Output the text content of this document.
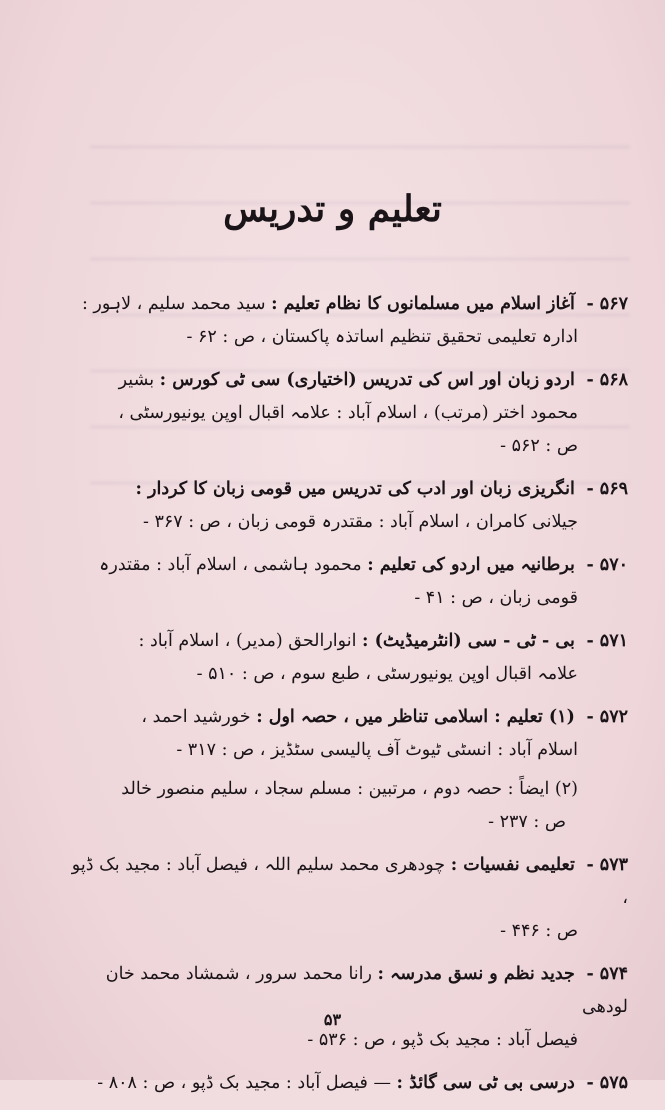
تعلیم و تدریس
۵۶۷ - آغاز اسلام میں مسلمانوں کا نظام تعلیم : سید محمد سلیم ، لاہور :
ادارہ تعلیمی تحقیق تنظیم اساتذہ پاکستان ، ص : ۶۲ -
۵۶۸ - اردو زبان اور اس کی تدریس (اختیاری) سی ٹی کورس : بشیر
محمود اختر (مرتب) ، اسلام آباد : علامہ اقبال اوپن یونیورسٹی ،
ص : ۵۶۲ -
۵۶۹ - انگریزی زبان اور ادب کی تدریس میں قومی زبان کا کردار :
جیلانی کامران ، اسلام آباد : مقتدرہ قومی زبان ، ص : ۳۶۷ -
۵۷۰ - برطانیہ میں اردو کی تعلیم : محمود ہاشمی ، اسلام آباد : مقتدرہ
قومی زبان ، ص : ۴۱ -
۵۷۱ - بی - ٹی - سی (انٹرمیڈیٹ) : انوارالحق (مدیر) ، اسلام آباد :
علامہ اقبال اوپن یونیورسٹی ، طبع سوم ، ص : ۵۱۰ -
۵۷۲ - (۱) تعلیم : اسلامی تناظر میں ، حصہ اول : خورشید احمد ،
اسلام آباد : انسٹی ٹیوٹ آف پالیسی سٹڈیز ، ص : ۳۱۷ -
(۲) ایضاً : حصہ دوم ، مرتبین : مسلم سجاد ، سلیم منصور خالد
ص : ۲۳۷ -
۵۷۳ - تعلیمی نفسیات : چودھری محمد سلیم اللہ ، فیصل آباد : مجید بک ڈپو ،
ص : ۴۴۶ -
۵۷۴ - جدید نظم و نسق مدرسہ : رانا محمد سرور ، شمشاد محمد خان لودھی
فیصل آباد : مجید بک ڈپو ، ص : ۵۳۶ -
۵۷۵ - درسی بی ٹی سی گائڈ : — فیصل آباد : مجید بک ڈپو ، ص : ۸۰۸ -
۵۳
